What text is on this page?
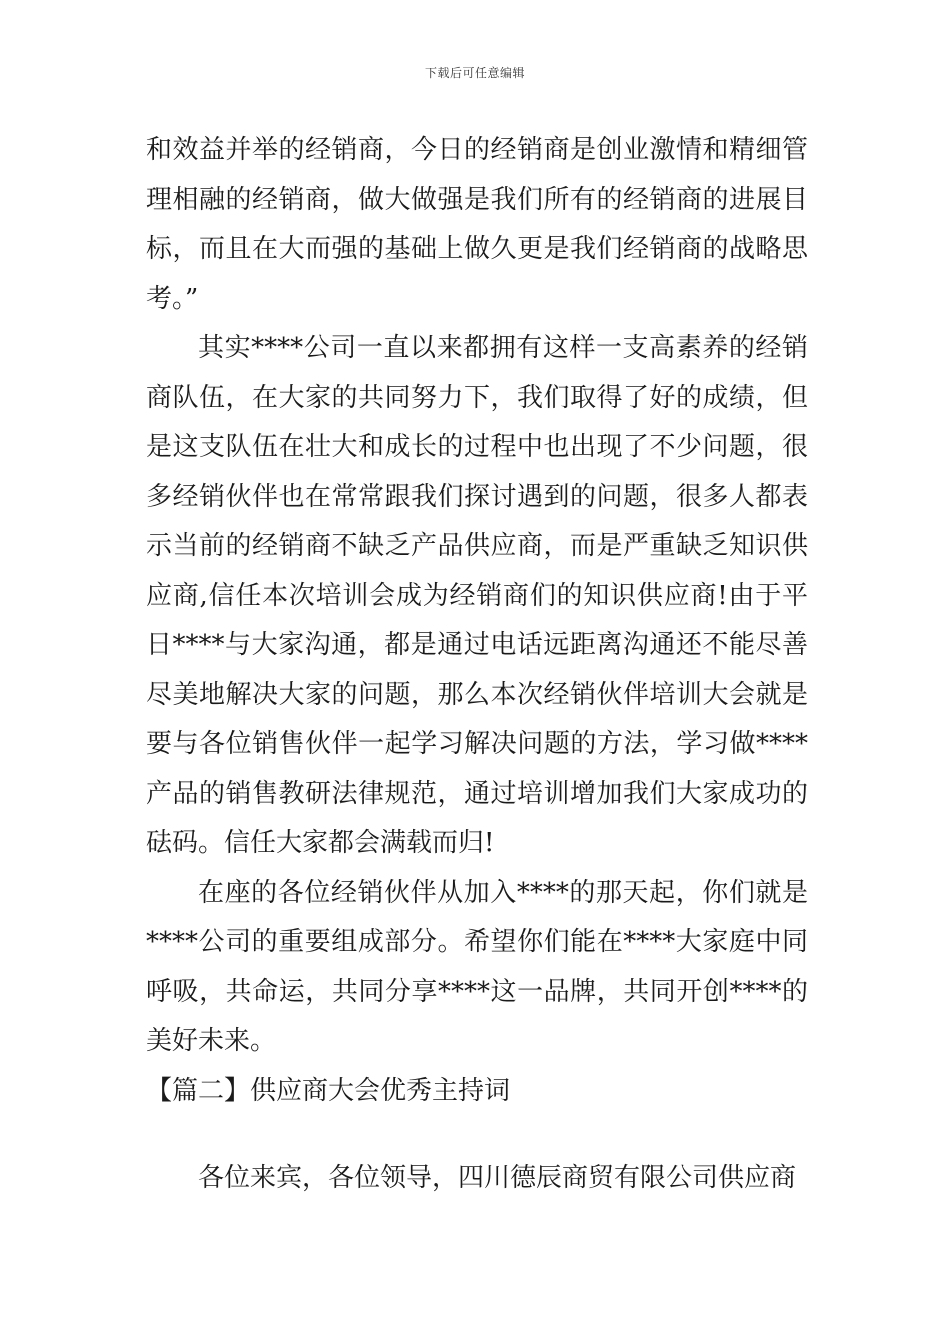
下载后可任意编辑

和效益并举的经销商，今日的经销商是创业激情和精细管理相融的经销商，做大做强是我们所有的经销商的进展目标，而且在大而强的基础上做久更是我们经销商的战略思考。”

其实****公司一直以来都拥有这样一支高素养的经销商队伍，在大家的共同努力下，我们取得了好的成绩，但是这支队伍在壮大和成长的过程中也出现了不少问题，很多经销伙伴也在常常跟我们探讨遇到的问题，很多人都表示当前的经销商不缺乏产品供应商，而是严重缺乏知识供应商,信任本次培训会成为经销商们的知识供应商!由于平日****与大家沟通，都是通过电话远距离沟通还不能尽善尽美地解决大家的问题，那么本次经销伙伴培训大会就是要与各位销售伙伴一起学习解决问题的方法，学习做****产品的销售教研法律规范，通过培训增加我们大家成功的砝码。信任大家都会满载而归!

在座的各位经销伙伴从加入****的那天起，你们就是****公司的重要组成部分。希望你们能在****大家庭中同呼吸，共命运，共同分享****这一品牌，共同开创****的美好未来。

【篇二】供应商大会优秀主持词

各位来宾，各位领导，四川德辰商贸有限公司供应商
